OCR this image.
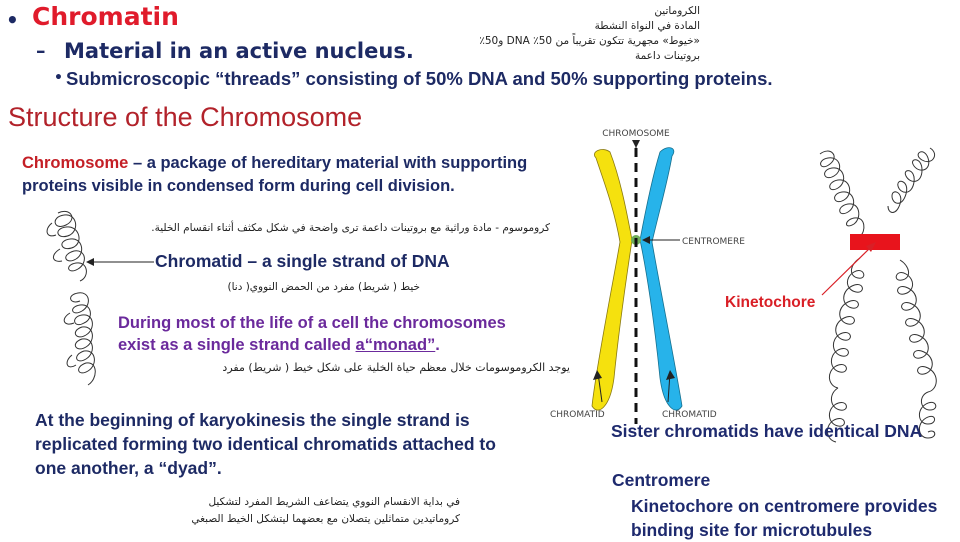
• Chromatin
– Material in an active nucleus.
• Submicroscopic “threads” consisting of 50% DNA and 50% supporting proteins.
الكروماتين
المادة في النواة النشطة
«خيوط» مجهرية تتكون تقريباً من 50٪ DNA و50٪
بروتينات داعمة
Structure of the Chromosome
Chromosome – a package of hereditary material with supporting
proteins visible in condensed form during cell division.
كروموسوم - مادة وراثية مع بروتينات داعمة ترى واضحة في شكل مكثف أثناء انقسام الخلية.
Chromatid – a single strand of DNA
خيط ( شريط) مفرد من الحمض النووي( دنا)
During most of the life of a cell the chromosomes
exist as a single strand called a“monad”.
يوجد الكروموسومات خلال معظم حياة الخلية على شكل خيط ( شريط) مفرد
At the beginning of karyokinesis the single strand is
replicated forming two identical chromatids attached to
one another, a “dyad”.
في بداية الانقسام النووي يتضاعف الشريط المفرد لتشكيل
كروماتيدين متماثلين يتصلان مع بعضهما ليتشكل الخيط الصبغي
CHROMOSOME
CENTROMERE
CHROMATID	CHROMATID
Kinetochore
Sister chromatids have identical DNA
Centromere
Kinetochore on centromere provides
binding site for microtubules
